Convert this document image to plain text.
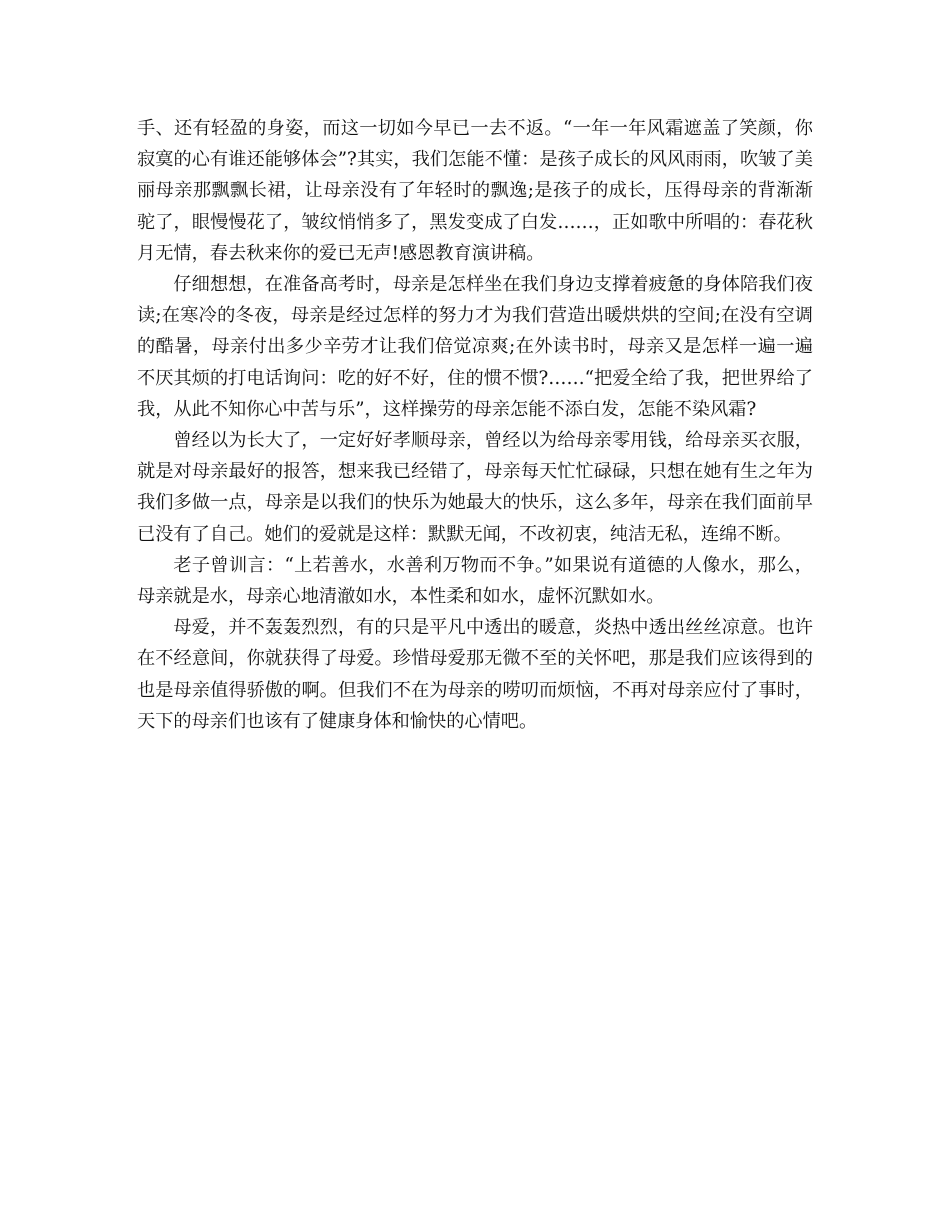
手、还有轻盈的身姿，而这一切如今早已一去不返。“一年一年风霜遮盖了笑颜，你寂寞的心有谁还能够体会”?其实，我们怎能不懂：是孩子成长的风风雨雨，吹皱了美丽母亲那飘飘长裙，让母亲没有了年轻时的飘逸;是孩子的成长，压得母亲的背渐渐驼了，眼慢慢花了，皱纹悄悄多了，黑发变成了白发……，正如歌中所唱的：春花秋月无情，春去秋来你的爱已无声!感恩教育演讲稿。

仔细想想，在准备高考时，母亲是怎样坐在我们身边支撑着疲惫的身体陪我们夜读;在寒冷的冬夜，母亲是经过怎样的努力才为我们营造出暖烘烘的空间;在没有空调的酷暑，母亲付出多少辛劳才让我们倍觉凉爽;在外读书时，母亲又是怎样一遍一遍不厌其烦的打电话询问：吃的好不好，住的惯不惯?……“把爱全给了我，把世界给了我，从此不知你心中苦与乐”，这样操劳的母亲怎能不添白发，怎能不染风霜?

曾经以为长大了，一定好好孝顺母亲，曾经以为给母亲零用钱，给母亲买衣服，就是对母亲最好的报答，想来我已经错了，母亲每天忙忙碌碌，只想在她有生之年为我们多做一点，母亲是以我们的快乐为她最大的快乐，这么多年，母亲在我们面前早已没有了自己。她们的爱就是这样：默默无闻，不改初衷，纯洁无私，连绵不断。

老子曾训言：“上若善水，水善利万物而不争。”如果说有道德的人像水，那么，母亲就是水，母亲心地清澈如水，本性柔和如水，虚怀沉默如水。

母爱，并不轰轰烈烈，有的只是平凡中透出的暖意，炎热中透出丝丝凉意。也许在不经意间，你就获得了母爱。珍惜母爱那无微不至的关怀吧，那是我们应该得到的也是母亲值得骄傲的啊。但我们不在为母亲的唠叨而烦恼，不再对母亲应付了事时，天下的母亲们也该有了健康身体和愉快的心情吧。
